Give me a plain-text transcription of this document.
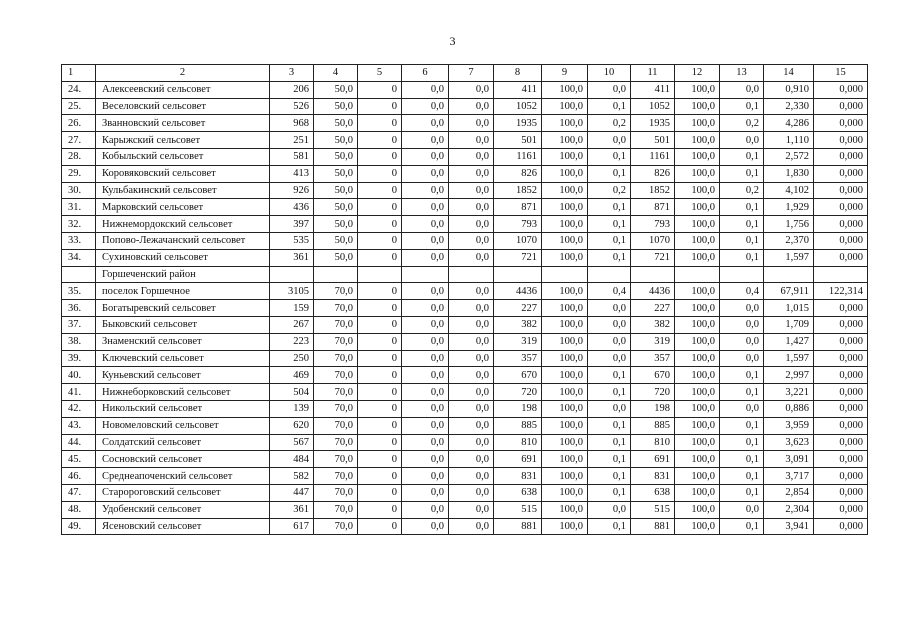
3
1	2	3	4	5	6	7	8	9	10	11	12	13	14	15
24.	Алексеевский сельсовет	206	50,0	0	0,0	0,0	411	100,0	0,0	411	100,0	0,0	0,910	0,000
25.	Веселовский сельсовет	526	50,0	0	0,0	0,0	1052	100,0	0,1	1052	100,0	0,1	2,330	0,000
26.	Званновский сельсовет	968	50,0	0	0,0	0,0	1935	100,0	0,2	1935	100,0	0,2	4,286	0,000
27.	Карыжский сельсовет	251	50,0	0	0,0	0,0	501	100,0	0,0	501	100,0	0,0	1,110	0,000
28.	Кобыльский сельсовет	581	50,0	0	0,0	0,0	1161	100,0	0,1	1161	100,0	0,1	2,572	0,000
29.	Коровяковский сельсовет	413	50,0	0	0,0	0,0	826	100,0	0,1	826	100,0	0,1	1,830	0,000
30.	Кульбакинский сельсовет	926	50,0	0	0,0	0,0	1852	100,0	0,2	1852	100,0	0,2	4,102	0,000
31.	Марковский сельсовет	436	50,0	0	0,0	0,0	871	100,0	0,1	871	100,0	0,1	1,929	0,000
32.	Нижнемордокский сельсовет	397	50,0	0	0,0	0,0	793	100,0	0,1	793	100,0	0,1	1,756	0,000
33.	Попово-Лежачанский сельсовет	535	50,0	0	0,0	0,0	1070	100,0	0,1	1070	100,0	0,1	2,370	0,000
34.	Сухиновский сельсовет	361	50,0	0	0,0	0,0	721	100,0	0,1	721	100,0	0,1	1,597	0,000
	Горшеченский район													
35.	поселок Горшечное	3105	70,0	0	0,0	0,0	4436	100,0	0,4	4436	100,0	0,4	67,911	122,314
36.	Богатыревский сельсовет	159	70,0	0	0,0	0,0	227	100,0	0,0	227	100,0	0,0	1,015	0,000
37.	Быковский сельсовет	267	70,0	0	0,0	0,0	382	100,0	0,0	382	100,0	0,0	1,709	0,000
38.	Знаменский сельсовет	223	70,0	0	0,0	0,0	319	100,0	0,0	319	100,0	0,0	1,427	0,000
39.	Ключевский сельсовет	250	70,0	0	0,0	0,0	357	100,0	0,0	357	100,0	0,0	1,597	0,000
40.	Куньевский сельсовет	469	70,0	0	0,0	0,0	670	100,0	0,1	670	100,0	0,1	2,997	0,000
41.	Нижнеборковский сельсовет	504	70,0	0	0,0	0,0	720	100,0	0,1	720	100,0	0,1	3,221	0,000
42.	Никольский сельсовет	139	70,0	0	0,0	0,0	198	100,0	0,0	198	100,0	0,0	0,886	0,000
43.	Новомеловский сельсовет	620	70,0	0	0,0	0,0	885	100,0	0,1	885	100,0	0,1	3,959	0,000
44.	Солдатский сельсовет	567	70,0	0	0,0	0,0	810	100,0	0,1	810	100,0	0,1	3,623	0,000
45.	Сосновский сельсовет	484	70,0	0	0,0	0,0	691	100,0	0,1	691	100,0	0,1	3,091	0,000
46.	Среднеапоченский сельсовет	582	70,0	0	0,0	0,0	831	100,0	0,1	831	100,0	0,1	3,717	0,000
47.	Старороговский сельсовет	447	70,0	0	0,0	0,0	638	100,0	0,1	638	100,0	0,1	2,854	0,000
48.	Удобенский сельсовет	361	70,0	0	0,0	0,0	515	100,0	0,0	515	100,0	0,0	2,304	0,000
49.	Ясеновский сельсовет	617	70,0	0	0,0	0,0	881	100,0	0,1	881	100,0	0,1	3,941	0,000
